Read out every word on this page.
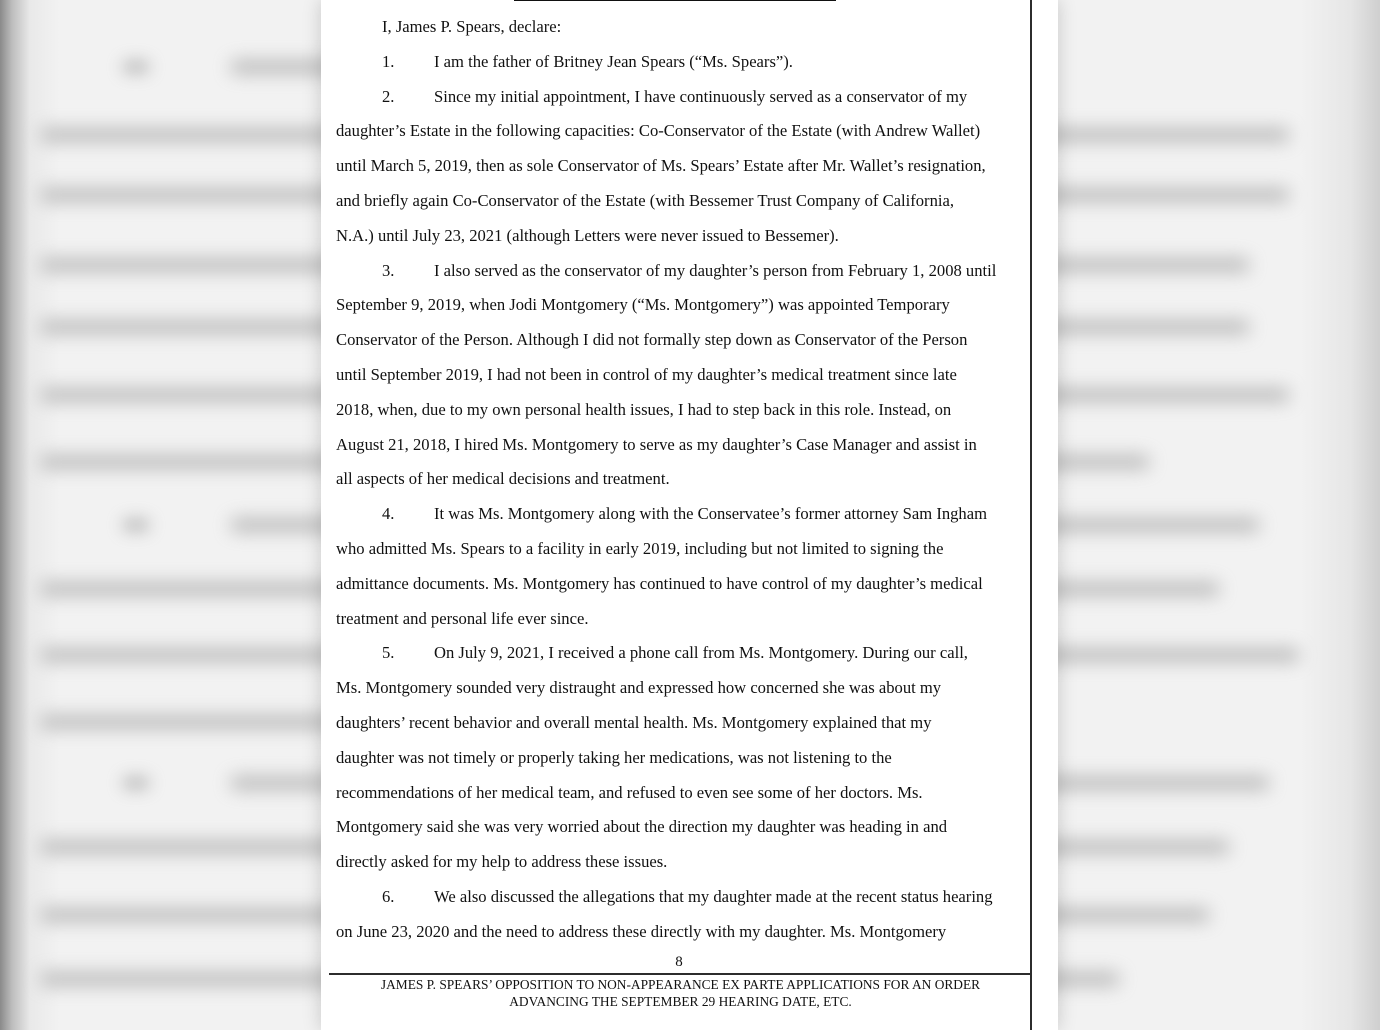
I, James P. Spears, declare:

1. I am the father of Britney Jean Spears (“Ms. Spears”).

2. Since my initial appointment, I have continuously served as a conservator of my
daughter’s Estate in the following capacities: Co-Conservator of the Estate (with Andrew Wallet)
until March 5, 2019, then as sole Conservator of Ms. Spears’ Estate after Mr. Wallet’s resignation,
and briefly again Co-Conservator of the Estate (with Bessemer Trust Company of California,
N.A.) until July 23, 2021 (although Letters were never issued to Bessemer).

3. I also served as the conservator of my daughter’s person from February 1, 2008 until
September 9, 2019, when Jodi Montgomery (“Ms. Montgomery”) was appointed Temporary
Conservator of the Person. Although I did not formally step down as Conservator of the Person
until September 2019, I had not been in control of my daughter’s medical treatment since late
2018, when, due to my own personal health issues, I had to step back in this role. Instead, on
August 21, 2018, I hired Ms. Montgomery to serve as my daughter’s Case Manager and assist in
all aspects of her medical decisions and treatment.

4. It was Ms. Montgomery along with the Conservatee’s former attorney Sam Ingham
who admitted Ms. Spears to a facility in early 2019, including but not limited to signing the
admittance documents. Ms. Montgomery has continued to have control of my daughter’s medical
treatment and personal life ever since.

5. On July 9, 2021, I received a phone call from Ms. Montgomery. During our call,
Ms. Montgomery sounded very distraught and expressed how concerned she was about my
daughters’ recent behavior and overall mental health. Ms. Montgomery explained that my
daughter was not timely or properly taking her medications, was not listening to the
recommendations of her medical team, and refused to even see some of her doctors. Ms.
Montgomery said she was very worried about the direction my daughter was heading in and
directly asked for my help to address these issues.

6. We also discussed the allegations that my daughter made at the recent status hearing
on June 23, 2020 and the need to address these directly with my daughter. Ms. Montgomery

8
JAMES P. SPEARS’ OPPOSITION TO NON-APPEARANCE EX PARTE APPLICATIONS FOR AN ORDER
ADVANCING THE SEPTEMBER 29 HEARING DATE, ETC.
